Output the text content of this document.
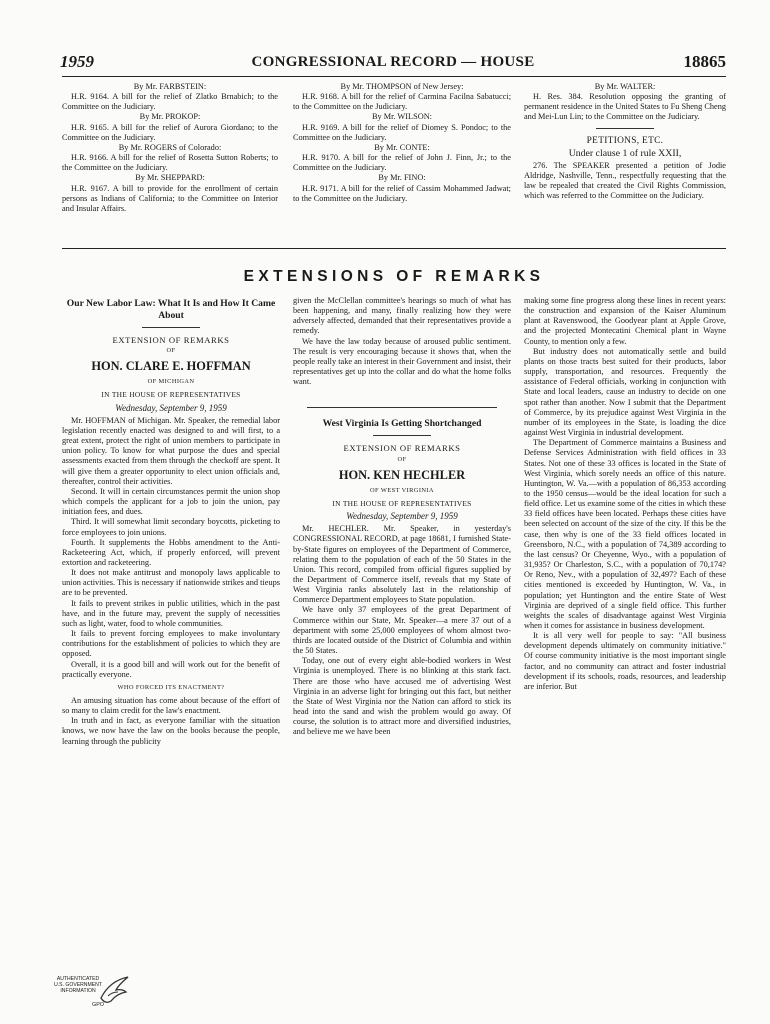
1959	CONGRESSIONAL RECORD — HOUSE	18865

By Mr. FARBSTEIN:

H.R. 9164. A bill for the relief of Zlatko Brnabich; to the Committee on the Judiciary.

By Mr. PROKOP:

H.R. 9165. A bill for the relief of Aurora Giordano; to the Committee on the Judiciary.

By Mr. ROGERS of Colorado:

H.R. 9166. A bill for the relief of Rosetta Sutton Roberts; to the Committee on the Judiciary.

By Mr. SHEPPARD:

H.R. 9167. A bill to provide for the enrollment of certain persons as Indians of California; to the Committee on Interior and Insular Affairs.

By Mr. THOMPSON of New Jersey:

H.R. 9168. A bill for the relief of Carmina Facilna Sabatucci; to the Committee on the Judiciary.

By Mr. WILSON:

H.R. 9169. A bill for the relief of Diomey S. Pondoc; to the Committee on the Judiciary.

By Mr. CONTE:

H.R. 9170. A bill for the relief of John J. Finn, Jr.; to the Committee on the Judiciary.

By Mr. FINO:

H.R. 9171. A bill for the relief of Cassim Mohammed Jadwat; to the Committee on the Judiciary.

By Mr. WALTER:

H. Res. 384. Resolution opposing the granting of permanent residence in the United States to Fu Sheng Cheng and Mei-Lun Lin; to the Committee on the Judiciary.

PETITIONS, ETC.
Under clause 1 of rule XXII,

276. The SPEAKER presented a petition of Jodie Aldridge, Nashville, Tenn., respectfully requesting that the law be repealed that created the Civil Rights Commission, which was referred to the Committee on the Judiciary.

EXTENSIONS OF REMARKS
Our New Labor Law: What It Is and How It Came About
EXTENSION OF REMARKS
OF
HON. CLARE E. HOFFMAN
OF MICHIGAN
IN THE HOUSE OF REPRESENTATIVES
Wednesday, September 9, 1959

Mr. HOFFMAN of Michigan. Mr. Speaker, the remedial labor legislation recently enacted was designed to and will first, to a great extent, protect the right of union members to participate in union policy. To know for what purpose the dues and special assessments exacted from them through the checkoff are spent. It will give them a greater opportunity to elect union officials and, thereafter, control their activities.

Second. It will in certain circumstances permit the union shop which compels the applicant for a job to join the union, pay initiation fees, and dues.

Third. It will somewhat limit secondary boycotts, picketing to force employees to join unions.

Fourth. It supplements the Hobbs amendment to the Anti-Racketeering Act, which, if properly enforced, will prevent extortion and racketeering.

It does not make antitrust and monopoly laws applicable to union activities. This is necessary if nationwide strikes and tieups are to be prevented.

It fails to prevent strikes in public utilities, which in the past have, and in the future may, prevent the supply of necessities such as light, water, food to whole communities.

It fails to prevent forcing employees to make involuntary contributions for the establishment of policies to which they are opposed.

Overall, it is a good bill and will work out for the benefit of practically everyone.

WHO FORCED ITS ENACTMENT?

An amusing situation has come about because of the effort of so many to claim credit for the law's enactment.

In truth and in fact, as everyone familiar with the situation knows, we now have the law on the books because the people, learning through the publicity

given the McClellan committee's hearings so much of what has been happening, and many, finally realizing how they were adversely affected, demanded that their representatives provide a remedy.

We have the law today because of aroused public sentiment. The result is very encouraging because it shows that, when the people really take an interest in their Government and insist, their representatives get up into the collar and do what the home folks want.

West Virginia Is Getting Shortchanged
EXTENSION OF REMARKS
OF
HON. KEN HECHLER
OF WEST VIRGINIA
IN THE HOUSE OF REPRESENTATIVES
Wednesday, September 9, 1959

Mr. HECHLER. Mr. Speaker, in yesterday's CONGRESSIONAL RECORD, at page 18681, I furnished State-by-State figures on employees of the Department of Commerce, relating them to the population of each of the 50 States in the Union. This record, compiled from official figures supplied by the Department of Commerce itself, reveals that my State of West Virginia ranks absolutely last in the relationship of Commerce Department employees to State population.

We have only 37 employees of the great Department of Commerce within our State, Mr. Speaker—a mere 37 out of a department with some 25,000 employees of whom almost two-thirds are located outside of the District of Columbia and within the 50 States.

Today, one out of every eight able-bodied workers in West Virginia is unemployed. There is no blinking at this stark fact. There are those who have accused me of advertising West Virginia in an adverse light for bringing out this fact, but neither the State of West Virginia nor the Nation can afford to stick its head into the sand and wish the problem would go away. Of course, the solution is to attract more and diversified industries, and believe me we have been

making some fine progress along these lines in recent years: the construction and expansion of the Kaiser Aluminum plant at Ravenswood, the Goodyear plant at Apple Grove, and the projected Montecatini Chemical plant in Wayne County, to mention only a few.

But industry does not automatically settle and build plants on those tracts best suited for their products, labor supply, transportation, and resources. Frequently the assistance of Federal officials, working in conjunction with State and local leaders, cause an industry to decide on one spot rather than another. Now I submit that the Department of Commerce, by its prejudice against West Virginia in the number of its employees in the State, is loading the dice against West Virginia in industrial development.

The Department of Commerce maintains a Business and Defense Services Administration with field offices in 33 States. Not one of these 33 offices is located in the State of West Virginia, which sorely needs an office of this nature. Huntington, W. Va.—with a population of 86,353 according to the 1950 census—would be the ideal location for such a field office. Let us examine some of the cities in which these 33 field offices have been located. Perhaps these cities have been selected on account of the size of the city. If this be the case, then why is one of the 33 field offices located in Greensboro, N.C., with a population of 74,389 according to the last census? Or Cheyenne, Wyo., with a population of 31,935? Or Charleston, S.C., with a population of 70,174? Or Reno, Nev., with a population of 32,497? Each of these cities mentioned is exceeded by Huntington, W. Va., in population; yet Huntington and the entire State of West Virginia are deprived of a single field office. This further weights the scales of disadvantage against West Virginia when it comes for assistance in business development.

It is all very well for people to say: "All business development depends ultimately on community initiative." Of course community initiative is the most important single factor, and no community can attract and foster industrial development if its schools, roads, resources, and leadership are inferior. But

AUTHENTICATED
U.S. GOVERNMENT
INFORMATION
GPO
